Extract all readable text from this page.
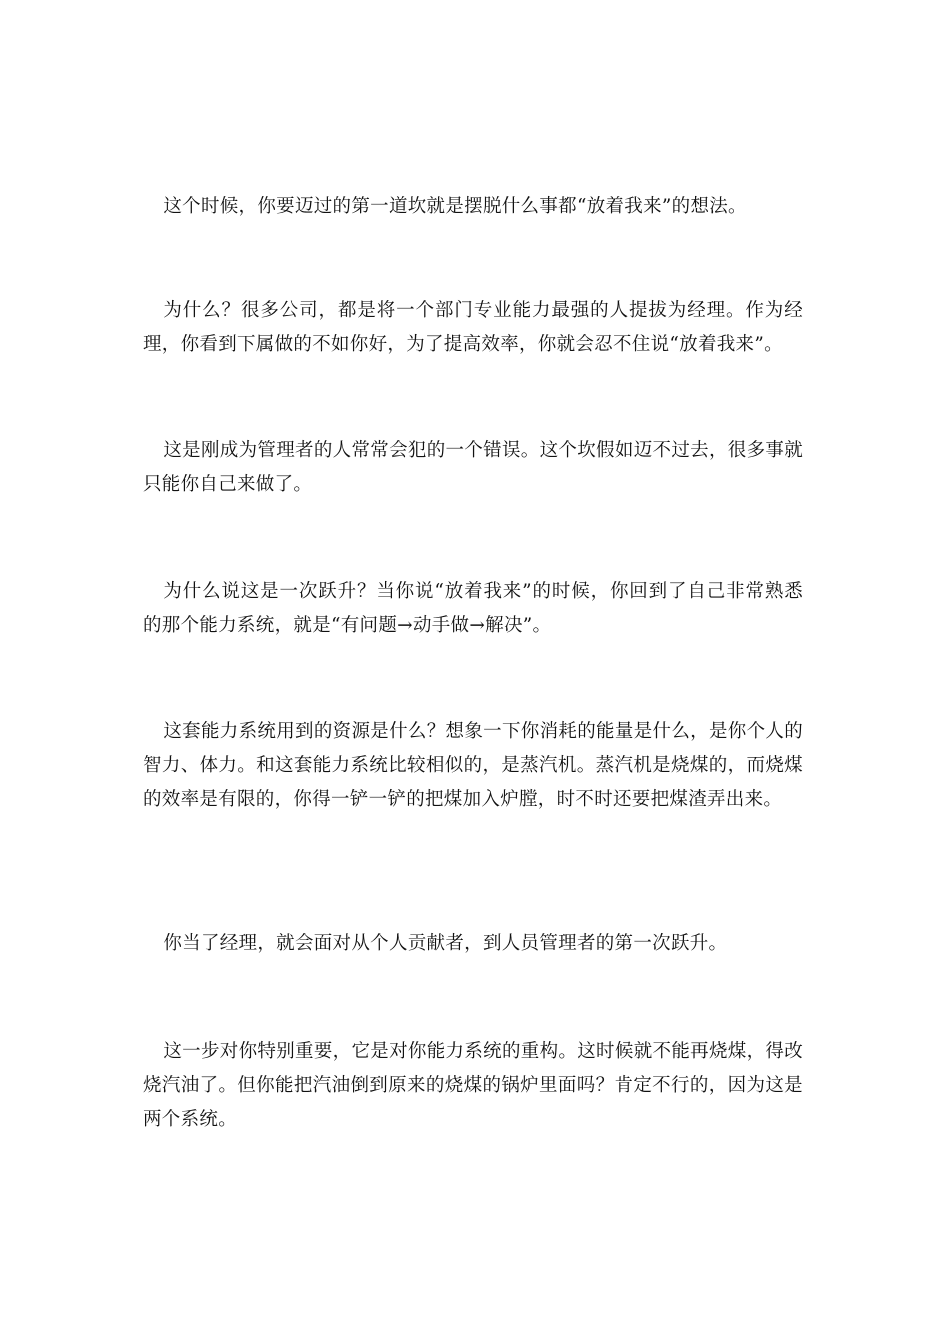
这个时候，你要迈过的第一道坎就是摆脱什么事都“放着我来”的想法。

为什么？很多公司，都是将一个部门专业能力最强的人提拔为经理。作为经理，你看到下属做的不如你好，为了提高效率，你就会忍不住说“放着我来”。

这是刚成为管理者的人常常会犯的一个错误。这个坎假如迈不过去，很多事就只能你自己来做了。

为什么说这是一次跃升？当你说“放着我来”的时候，你回到了自己非常熟悉的那个能力系统，就是“有问题→动手做→解决”。

这套能力系统用到的资源是什么？想象一下你消耗的能量是什么，是你个人的智力、体力。和这套能力系统比较相似的，是蒸汽机。蒸汽机是烧煤的，而烧煤的效率是有限的，你得一铲一铲的把煤加入炉膛，时不时还要把煤渣弄出来。

你当了经理，就会面对从个人贡献者，到人员管理者的第一次跃升。

这一步对你特别重要，它是对你能力系统的重构。这时候就不能再烧煤，得改烧汽油了。但你能把汽油倒到原来的烧煤的锅炉里面吗？肯定不行的，因为这是两个系统。
